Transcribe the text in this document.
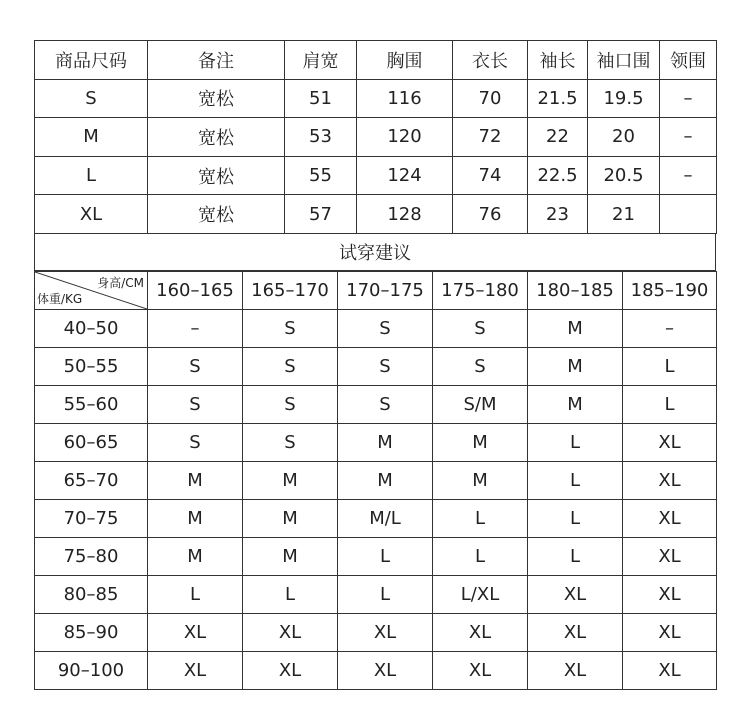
商品尺码	备注	肩宽	胸围	衣长	袖长	袖口围	领围
S	宽松	51	116	70	21.5	19.5	–
M	宽松	53	120	72	22	20	–
L	宽松	55	124	74	22.5	20.5	–
XL	宽松	57	128	76	23	21	
试穿建议
身高/CM
体重/KG	160–165	165–170	170–175	175–180	180–185	185–190
40–50	–	S	S	S	M	–
50–55	S	S	S	S	M	L
55–60	S	S	S	S/M	M	L
60–65	S	S	M	M	L	XL
65–70	M	M	M	M	L	XL
70–75	M	M	M/L	L	L	XL
75–80	M	M	L	L	L	XL
80–85	L	L	L	L/XL	XL	XL
85–90	XL	XL	XL	XL	XL	XL
90–100	XL	XL	XL	XL	XL	XL
